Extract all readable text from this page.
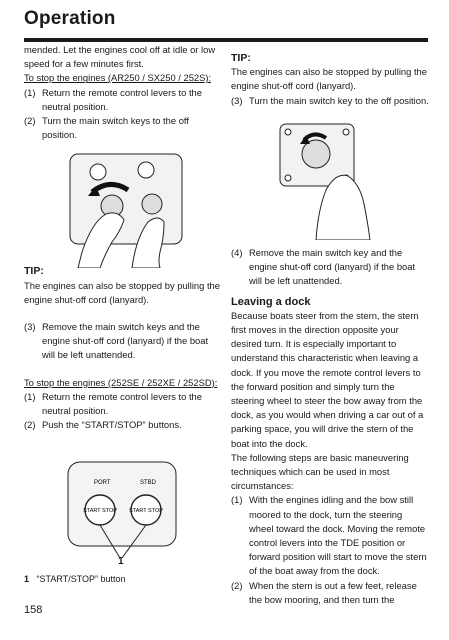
Operation

mended. Let the engines cool off at idle or low speed for a few minutes first.

To stop the engines (AR250 / SX250 / 252S):

(1) Return the remote control levers to the neutral position.
(2) Turn the main switch keys to the off position.

TIP:

The engines can also be stopped by pulling the engine shut-off cord (lanyard).

(3) Remove the main switch keys and the engine shut-off cord (lanyard) if the boat will be left unattended.

To stop the engines (252SE / 252XE / 252SD):

(1) Return the remote control levers to the neutral position.
(2) Push the “START/STOP” buttons.
PORT	STBD
START STOP START STOP
1
1 “START/STOP” button

TIP:

The engines can also be stopped by pulling the engine shut-off cord (lanyard).

(3) Turn the main switch key to the off position.
(4) Remove the main switch key and the engine shut-off cord (lanyard) if the boat will be left unattended.

Leaving a dock

Because boats steer from the stern, the stern first moves in the direction opposite your desired turn. It is especially important to understand this characteristic when leaving a dock. If you move the remote control levers to the forward position and simply turn the steering wheel to steer the bow away from the dock, as you would when driving a car out of a parking space, you will drive the stern of the boat into the dock.

The following steps are basic maneuvering techniques which can be used in most circumstances:

(1) With the engines idling and the bow still moored to the dock, turn the steering wheel toward the dock. Moving the remote control levers into the TDE position or forward position will start to move the stern of the boat away from the dock.
(2) When the stern is out a few feet, release the bow mooring, and then turn the
158
